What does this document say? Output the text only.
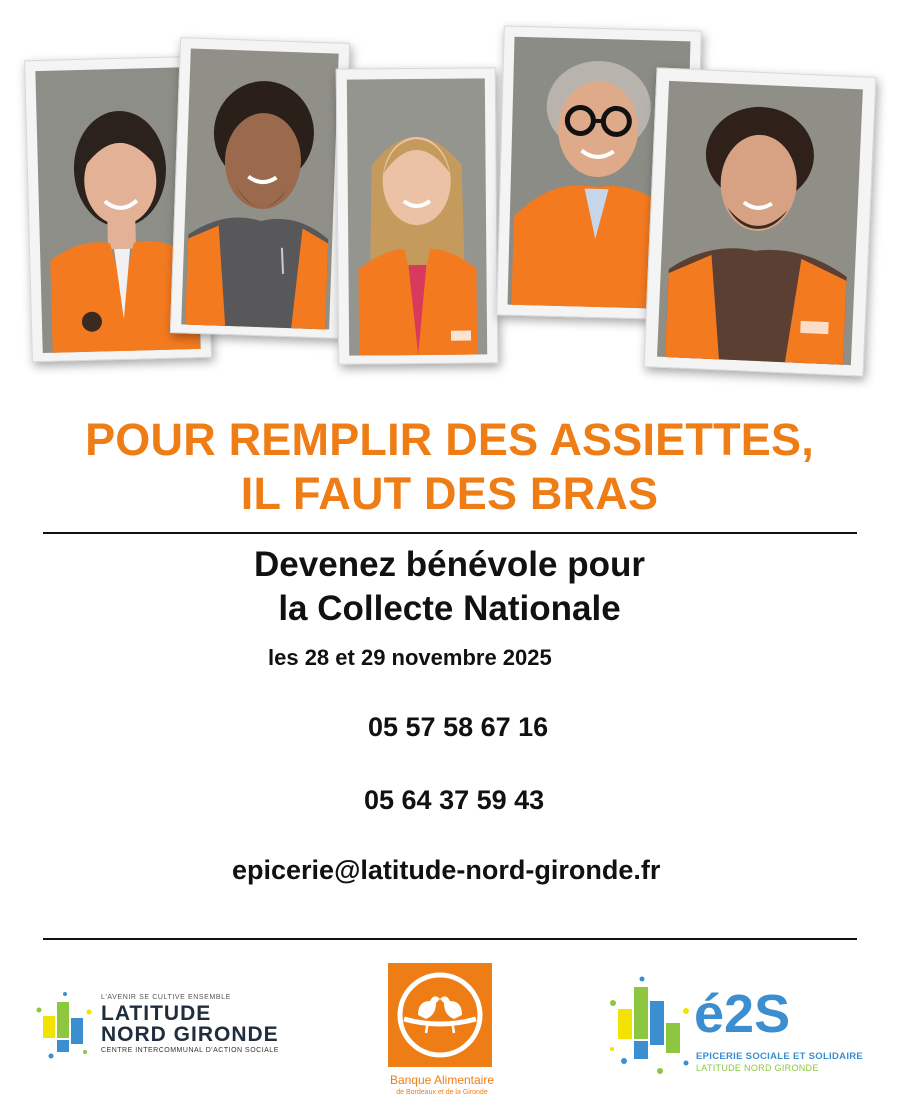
POUR REMPLIR DES ASSIETTES,
IL FAUT DES BRAS

Devenez bénévole pour

la Collecte Nationale

les 28 et 29 novembre 2025
05 57 58 67 16
05 64 37 59 43
epicerie@latitude-nord-gironde.fr
L'AVENIR SE CULTIVE ENSEMBLE
LATITUDE
NORD GIRONDE
CENTRE INTERCOMMUNAL D'ACTION SOCIALE
Banque Alimentaire
de Bordeaux et de la Gironde
é2S
EPICERIE SOCIALE ET SOLIDAIRE
LATITUDE NORD GIRONDE
